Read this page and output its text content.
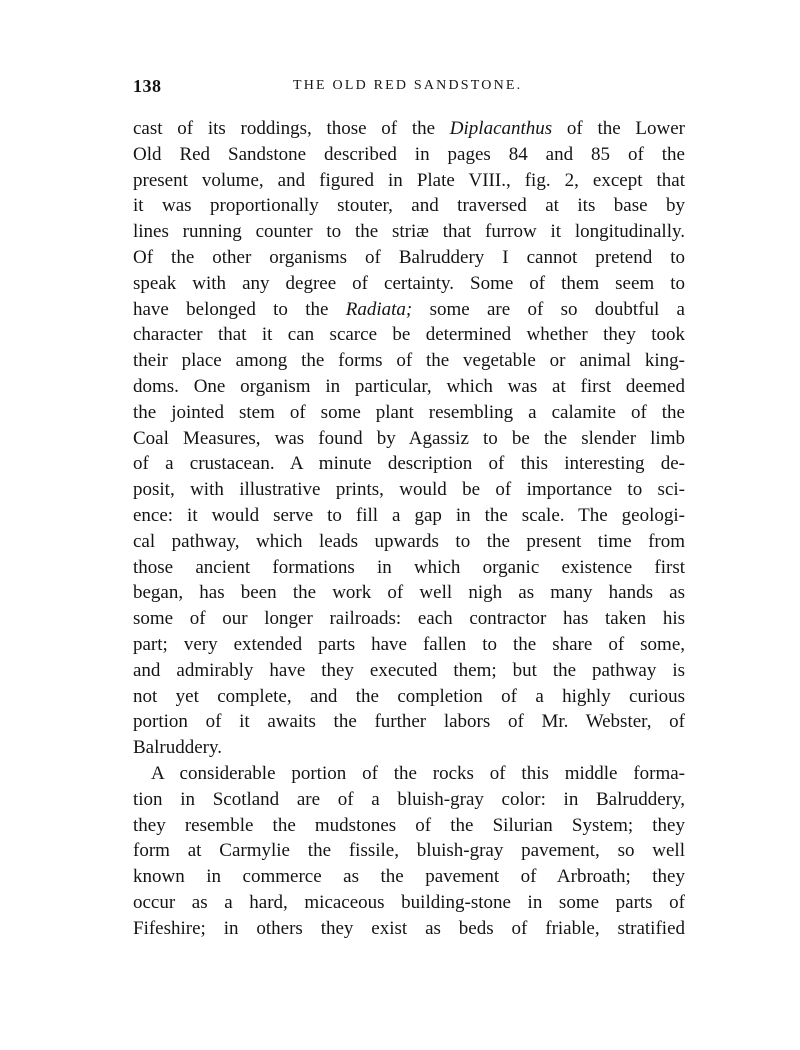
138	THE OLD RED SANDSTONE.
cast of its roddings, those of the Diplacanthus of the Lower
Old Red Sandstone described in pages 84 and 85 of the
present volume, and figured in Plate VIII., fig. 2, except that
it was proportionally stouter, and traversed at its base by
lines running counter to the striæ that furrow it longitudinally.
Of the other organisms of Balruddery I cannot pretend to
speak with any degree of certainty. Some of them seem to
have belonged to the Radiata; some are of so doubtful a
character that it can scarce be determined whether they took
their place among the forms of the vegetable or animal king-
doms. One organism in particular, which was at first deemed
the jointed stem of some plant resembling a calamite of the
Coal Measures, was found by Agassiz to be the slender limb
of a crustacean. A minute description of this interesting de-
posit, with illustrative prints, would be of importance to sci-
ence: it would serve to fill a gap in the scale. The geologi-
cal pathway, which leads upwards to the present time from
those ancient formations in which organic existence first
began, has been the work of well nigh as many hands as
some of our longer railroads: each contractor has taken his
part; very extended parts have fallen to the share of some,
and admirably have they executed them; but the pathway is
not yet complete, and the completion of a highly curious
portion of it awaits the further labors of Mr. Webster, of
Balruddery.
A considerable portion of the rocks of this middle forma-
tion in Scotland are of a bluish-gray color: in Balruddery,
they resemble the mudstones of the Silurian System; they
form at Carmylie the fissile, bluish-gray pavement, so well
known in commerce as the pavement of Arbroath; they
occur as a hard, micaceous building-stone in some parts of
Fifeshire; in others they exist as beds of friable, stratified
